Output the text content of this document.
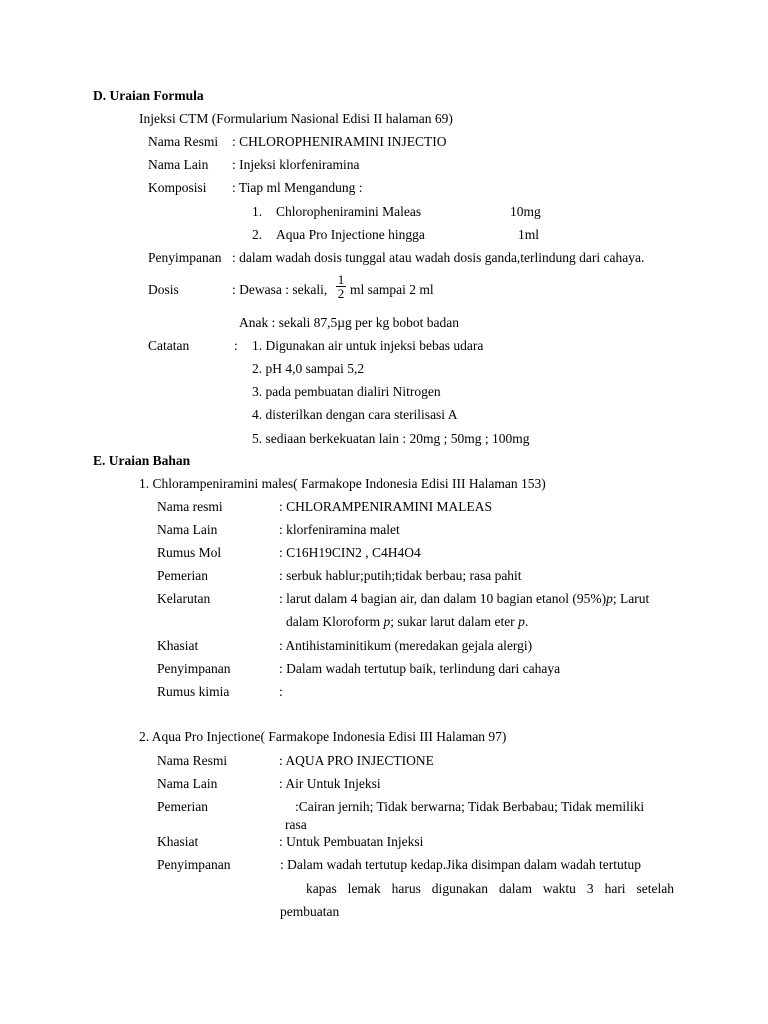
D. Uraian Formula
Injeksi CTM (Formularium Nasional Edisi II halaman 69)
Nama Resmi : CHLOROPHENIRAMINI INJECTIO
Nama Lain : Injeksi klorfeniramina
Komposisi : Tiap ml Mengandung :
1. Chloropheniramini Maleas	10mg
2. Aqua Pro Injectione hingga	1ml
Penyimpanan : dalam wadah dosis tunggal atau wadah dosis ganda,terlindung dari cahaya.
Dosis	: Dewasa : sekali,
1
2 ml sampai 2 ml
Anak : sekali 87,5µg per kg bobot badan
Catatan	: 1. Digunakan air untuk injeksi bebas udara
2. pH 4,0 sampai 5,2
3. pada pembuatan dialiri Nitrogen
4. disterilkan dengan cara sterilisasi A
5. sediaan berkekuatan lain : 20mg ; 50mg ; 100mg
E. Uraian Bahan
1. Chlorampeniramini males( Farmakope Indonesia Edisi III Halaman 153)
Nama resmi	: CHLORAMPENIRAMINI MALEAS
Nama Lain	: klorfeniramina malet
Rumus Mol	: C16H19CIN2 , C4H4O4
Pemerian	: serbuk hablur;putih;tidak berbau; rasa pahit
Kelarutan	: larut dalam 4 bagian air, dan dalam 10 bagian etanol (95%)p; Larut
dalam Kloroform p; sukar larut dalam eter p.
Khasiat	: Antihistaminitikum (meredakan gejala alergi)
Penyimpanan	: Dalam wadah tertutup baik, terlindung dari cahaya
Rumus kimia	:
2. Aqua Pro Injectione( Farmakope Indonesia Edisi III Halaman 97)
Nama Resmi	: AQUA PRO INJECTIONE
Nama Lain	: Air Untuk Injeksi
Pemerian	:Cairan jernih; Tidak berwarna; Tidak Berbabau; Tidak memiliki
rasa
Khasiat	: Untuk Pembuatan Injeksi
Penyimpanan	: Dalam wadah tertutup kedap.Jika disimpan dalam wadah tertutup
kapas lemak harus digunakan dalam waktu 3 hari setelah
pembuatan
